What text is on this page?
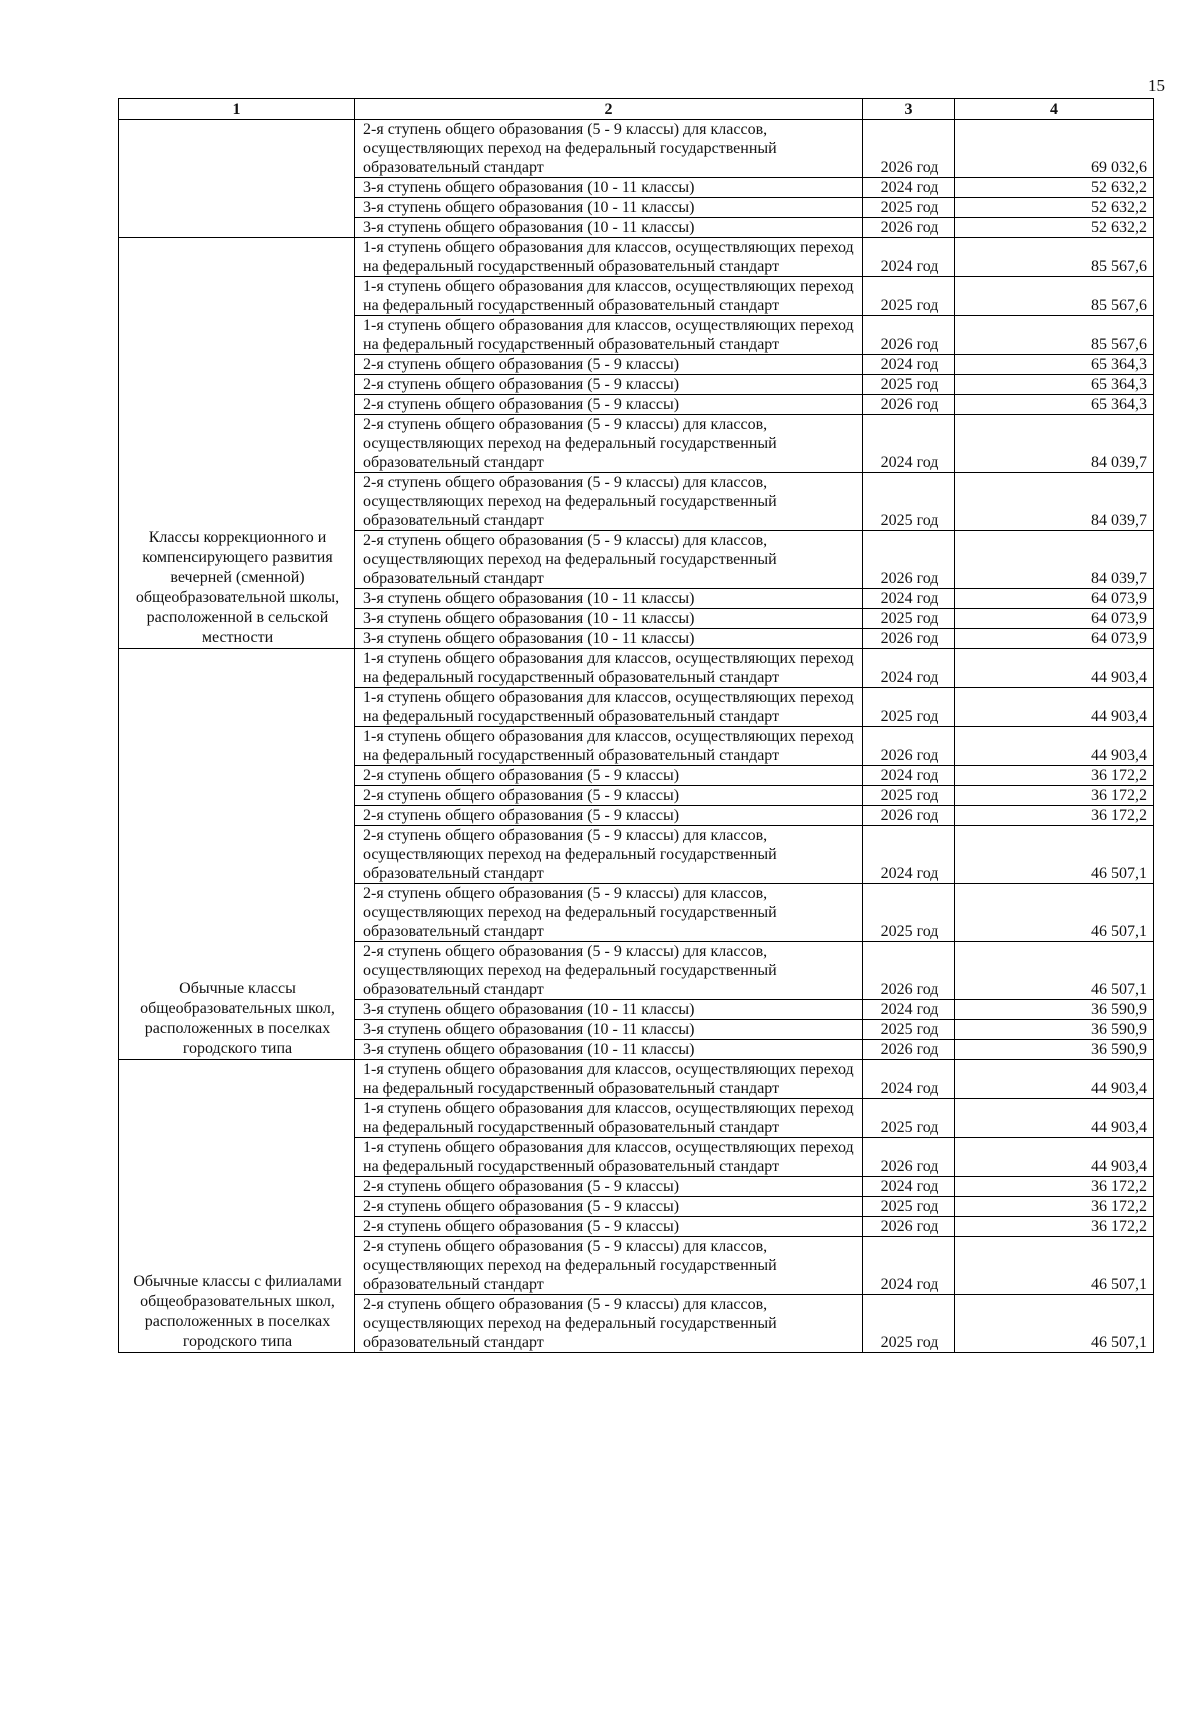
15
1	2	3	4
	2-я ступень общего образования (5 - 9 классы) для классов, осуществляющих переход на федеральный государственный образовательный стандарт	2026 год	69 032,6
	3-я ступень общего образования (10 - 11 классы)	2024 год	52 632,2
	3-я ступень общего образования (10 - 11 классы)	2025 год	52 632,2
	3-я ступень общего образования (10 - 11 классы)	2026 год	52 632,2
Классы коррекционного и компенсирующего развития вечерней (сменной) общеобразовательной школы, расположенной в сельской местности	1-я ступень общего образования для классов, осуществляющих переход на федеральный государственный образовательный стандарт	2024 год	85 567,6
	1-я ступень общего образования для классов, осуществляющих переход на федеральный государственный образовательный стандарт	2025 год	85 567,6
	1-я ступень общего образования для классов, осуществляющих переход на федеральный государственный образовательный стандарт	2026 год	85 567,6
	2-я ступень общего образования (5 - 9 классы)	2024 год	65 364,3
	2-я ступень общего образования (5 - 9 классы)	2025 год	65 364,3
	2-я ступень общего образования (5 - 9 классы)	2026 год	65 364,3
	2-я ступень общего образования (5 - 9 классы) для классов, осуществляющих переход на федеральный государственный образовательный стандарт	2024 год	84 039,7
	2-я ступень общего образования (5 - 9 классы) для классов, осуществляющих переход на федеральный государственный образовательный стандарт	2025 год	84 039,7
	2-я ступень общего образования (5 - 9 классы) для классов, осуществляющих переход на федеральный государственный образовательный стандарт	2026 год	84 039,7
	3-я ступень общего образования (10 - 11 классы)	2024 год	64 073,9
	3-я ступень общего образования (10 - 11 классы)	2025 год	64 073,9
	3-я ступень общего образования (10 - 11 классы)	2026 год	64 073,9
Обычные классы общеобразовательных школ, расположенных в поселках городского типа	1-я ступень общего образования для классов, осуществляющих переход на федеральный государственный образовательный стандарт	2024 год	44 903,4
	1-я ступень общего образования для классов, осуществляющих переход на федеральный государственный образовательный стандарт	2025 год	44 903,4
	1-я ступень общего образования для классов, осуществляющих переход на федеральный государственный образовательный стандарт	2026 год	44 903,4
	2-я ступень общего образования (5 - 9 классы)	2024 год	36 172,2
	2-я ступень общего образования (5 - 9 классы)	2025 год	36 172,2
	2-я ступень общего образования (5 - 9 классы)	2026 год	36 172,2
	2-я ступень общего образования (5 - 9 классы) для классов, осуществляющих переход на федеральный государственный образовательный стандарт	2024 год	46 507,1
	2-я ступень общего образования (5 - 9 классы) для классов, осуществляющих переход на федеральный государственный образовательный стандарт	2025 год	46 507,1
	2-я ступень общего образования (5 - 9 классы) для классов, осуществляющих переход на федеральный государственный образовательный стандарт	2026 год	46 507,1
	3-я ступень общего образования (10 - 11 классы)	2024 год	36 590,9
	3-я ступень общего образования (10 - 11 классы)	2025 год	36 590,9
	3-я ступень общего образования (10 - 11 классы)	2026 год	36 590,9
Обычные классы с филиалами общеобразовательных школ, расположенных в поселках городского типа	1-я ступень общего образования для классов, осуществляющих переход на федеральный государственный образовательный стандарт	2024 год	44 903,4
	1-я ступень общего образования для классов, осуществляющих переход на федеральный государственный образовательный стандарт	2025 год	44 903,4
	1-я ступень общего образования для классов, осуществляющих переход на федеральный государственный образовательный стандарт	2026 год	44 903,4
	2-я ступень общего образования (5 - 9 классы)	2024 год	36 172,2
	2-я ступень общего образования (5 - 9 классы)	2025 год	36 172,2
	2-я ступень общего образования (5 - 9 классы)	2026 год	36 172,2
	2-я ступень общего образования (5 - 9 классы) для классов, осуществляющих переход на федеральный государственный образовательный стандарт	2024 год	46 507,1
	2-я ступень общего образования (5 - 9 классы) для классов, осуществляющих переход на федеральный государственный образовательный стандарт	2025 год	46 507,1
